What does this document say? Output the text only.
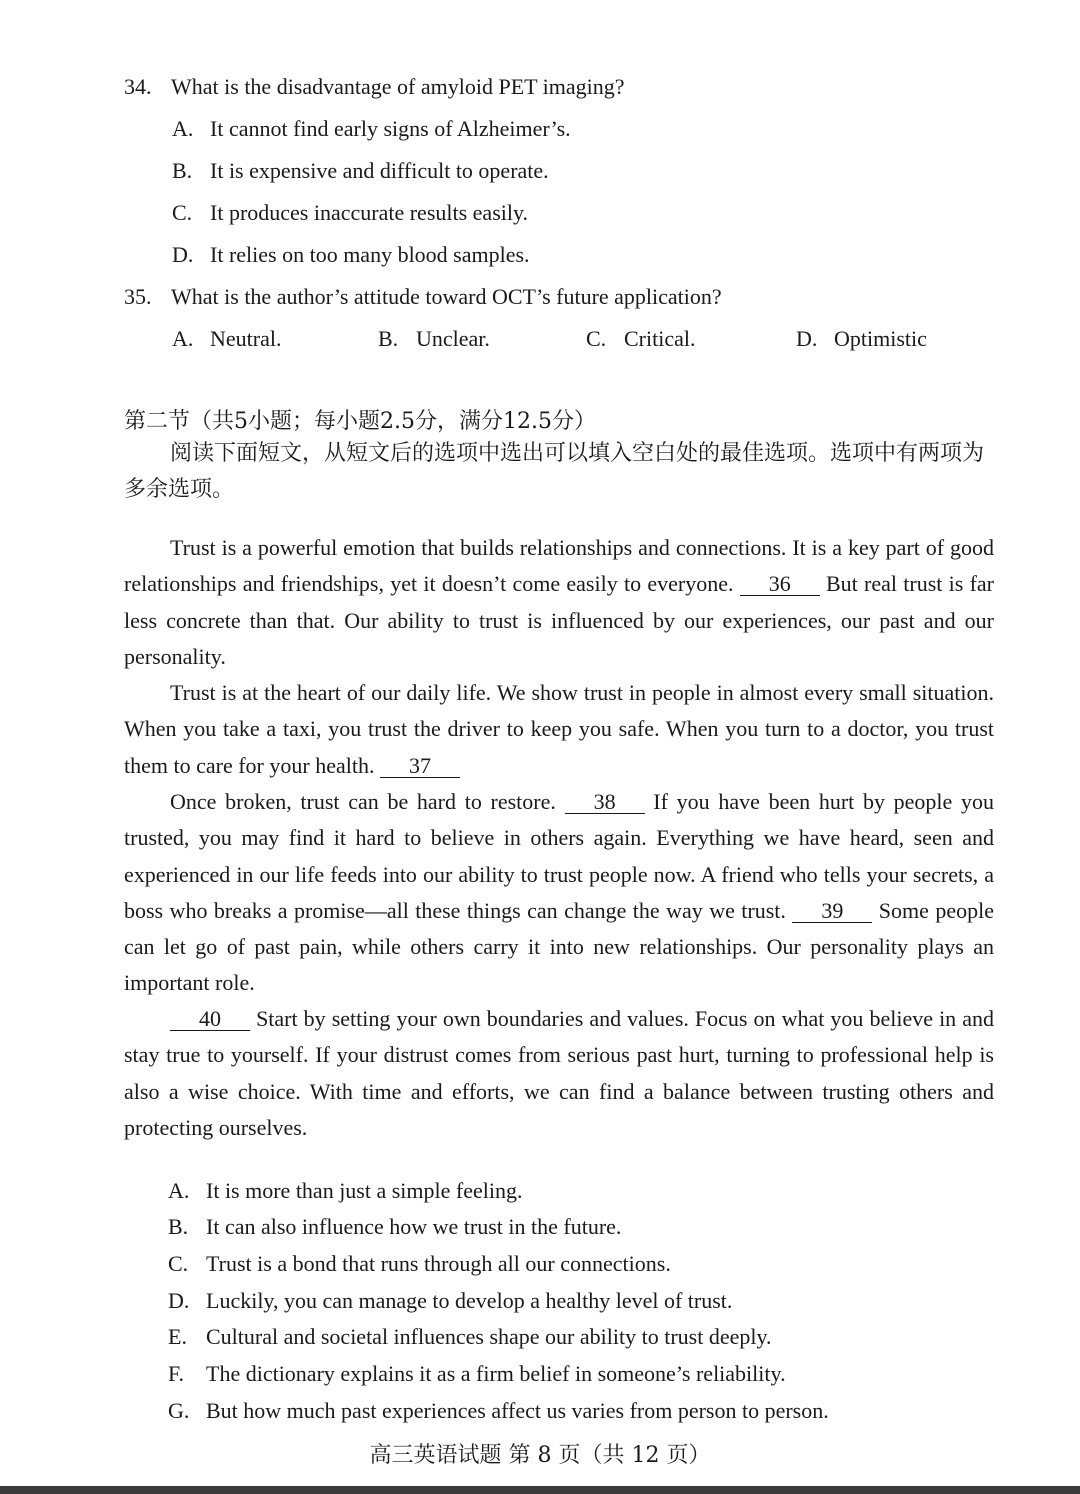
34. What is the disadvantage of amyloid PET imaging?
A. It cannot find early signs of Alzheimer’s.
B. It is expensive and difficult to operate.
C. It produces inaccurate results easily.
D. It relies on too many blood samples.
35. What is the author’s attitude toward OCT’s future application?
A. Neutral.	B. Unclear.	C. Critical.	D. Optimistic
第二节（共5小题；每小题2.5分，满分12.5分）

阅读下面短文，从短文后的选项中选出可以填入空白处的最佳选项。选项中有两项为多余选项。

Trust is a powerful emotion that builds relationships and connections. It is a key part of good relationships and friendships, yet it doesn’t come easily to everyone. 36 But real trust is far less concrete than that. Our ability to trust is influenced by our experiences, our past and our personality.

Trust is at the heart of our daily life. We show trust in people in almost every small situation. When you take a taxi, you trust the driver to keep you safe. When you turn to a doctor, you trust them to care for your health. 37

Once broken, trust can be hard to restore. 38 If you have been hurt by people you trusted, you may find it hard to believe in others again. Everything we have heard, seen and experienced in our life feeds into our ability to trust people now. A friend who tells your secrets, a boss who breaks a promise—all these things can change the way we trust. 39 Some people can let go of past pain, while others carry it into new relationships. Our personality plays an important role.

40 Start by setting your own boundaries and values. Focus on what you believe in and stay true to yourself. If your distrust comes from serious past hurt, turning to professional help is also a wise choice. With time and efforts, we can find a balance between trusting others and protecting ourselves.

A. It is more than just a simple feeling.
B. It can also influence how we trust in the future.
C. Trust is a bond that runs through all our connections.
D. Luckily, you can manage to develop a healthy level of trust.
E. Cultural and societal influences shape our ability to trust deeply.
F. The dictionary explains it as a firm belief in someone’s reliability.
G. But how much past experiences affect us varies from person to person.
高三英语试题 第 8 页（共 12 页）
